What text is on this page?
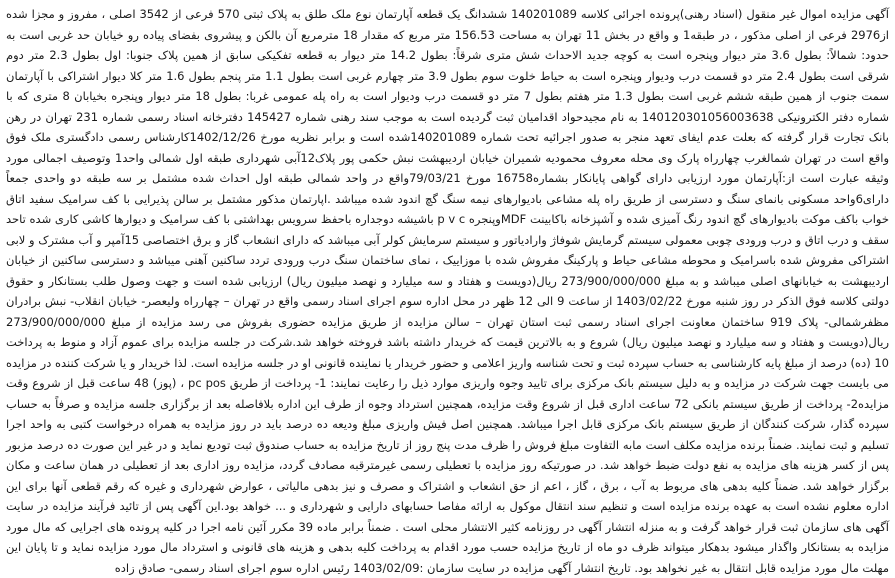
آگهی مزایده اموال غیر منقول (اسناد رهنی)پرونده اجرائی کلاسه 140201089 ششدانگ یک قطعه آپارتمان نوع ملک طلق به پلاک ثبتی 570 فرعی از 3542 اصلی ، مفروز و مجزا شده از2976 فرعی از اصلی مذکور ، در طبقه1 و واقع در بخش 11 تهران به مساحت 156.53 متر مربع که مقدار 18 مترمربع آن بالکن و پیشروی بفضای پیاده رو خیابان حد غربی است به حدود: شمالاً: بطول 3.6 متر دیوار وپنجره است به کوچه جدید الاحداث شش متری شرقاً: بطول 14.2 متر دیوار به قطعه تفکیکی سابق از همین پلاک جنوبا: اول بطول 2.3 متر دوم شرقی است بطول 2.4 متر دو قسمت درب ودیوار وپنجره است به حیاط خلوت سوم بطول 3.9 متر چهارم غربی است بطول 1.1 متر پنجم بطول 1.6 متر کلا دیوار اشتراکی با آپارتمان سمت جنوب از همین طبقه ششم غربی است بطول 1.3 متر هفتم بطول 7 متر دو قسمت درب ودیوار است به راه پله عمومی غربا: بطول 18 متر دیوار وپنجره بخیابان 8 متری که با شماره دفتر الکترونیکی 140120301056003638 به نام مجیدحواد اقدامیان ثبت گردیده است به موجب سند رهنی شماره 145427 دفترخانه اسناد رسمی شماره 231 تهران در رهن بانک تجارت قرار گرفته که بعلت عدم ایفای تعهد منجر به صدور اجرائیه تحت شماره 140201089شده است و برابر نظریه مورخ 1402/12/26کارشناس رسمی دادگستری ملک فوق واقع است در تهران شمالغرب چهارراه پارک وی محله معروف محمودیه شمیران خیابان اردیبهشت نبش حکمی پور پلاک12آبی شهرداری طبقه اول شمالی واحد1 وتوصیف اجمالی مورد وثیقه عبارت است از:آپارتمان مورد ارزیابی دارای گواهی پایانکار بشماره16758 مورخ 79/03/21واقع در واحد شمالی طبقه اول احداث شده مشتمل بر سه طبقه دو واحدی جمعاً دارای6واحد مسکونی بانمای سنگ و دسترسی از طریق راه پله مشاعی بادیوارهای نیمه سنگ گچ اندود شده میباشد .اپارتمان مذکور مشتمل بر سالن پذیرایی با کف سرامیک سفید اتاق خواب باکف موکت بادیوارهای گچ اندود رنگ آمیزی شده و آشپزخانه باکابینت MDFوپنجره p v c باشیشه دوجداره باحفظ سرویس بهداشتی با کف سرامیک و دیوارها کاشی کاری شده تاحد سقف و درب اتاق و درب ورودی چوبی معمولی سیستم گرمایش شوفاژ وارادیاتور و سیستم سرمایش کولر آبی میباشد که دارای انشعاب گاز و برق اختصاصی 15آمپر و آب مشترک و لابی اشتراکی مفروش شده باسرامیک و محوطه مشاعی حیاط و پارکینگ مفروش شده با موزاییک ، نمای ساختمان سنگ درب ورودی تردد ساکنین آهنی میباشد و دسترسی ساکنین از خیابان اردیبهشت به خیابانهای اصلی میباشد و به مبلغ 273/900/000/000 ریال(دویست و هفتاد و سه میلیارد و نهصد میلیون ریال) ارزیابی شده است و جهت وصول طلب بستانکار و حقوق دولتی کلاسه فوق الذکر در روز شنبه مورخ 1403/02/22 از ساعت 9 الی 12 ظهر در محل اداره سوم اجرای اسناد رسمی واقع در تهران – چهارراه ولیعصر- خیابان انقلاب- نبش برادران مظفرشمالی- پلاک 919 ساختمان معاونت اجرای اسناد رسمی ثبت استان تهران – سالن مزایده از طریق مزایده حضوری بفروش می رسد مزایده از مبلغ 273/900/000/000 ریال(دویست و هفتاد و سه میلیارد و نهصد میلیون ریال) شروع و به بالاترین قیمت که خریدار داشته باشد فروخته خواهد شد.شرکت در جلسه مزایده برای عموم آزاد و منوط به پرداخت 10 (ده) درصد از مبلغ پایه کارشناسی به حساب سپرده ثبت و تحت شناسه واریز اعلامی و حضور خریدار یا نماینده قانونی او در جلسه مزایده است. لذا خریدار و یا شرکت کننده در مزایده می بایست جهت شرکت در مزایده و به دلیل سیستم بانک مرکزی برای تایید وجوه واریزی موارد ذیل را رعایت نمایند: 1- پرداخت از طریق pc pos ، (پوز) 48 ساعت قبل از شروع وقت مزایده2- پرداخت از طریق سیستم بانکی 72 ساعت اداری قبل از شروع وقت مزایده، همچنین استرداد وجوه از طرف این اداره بلافاصله بعد از برگزاری جلسه مزایده و صرفاً به حساب سپرده گذار، شرکت کنندگان از طریق سیستم بانک مرکزی قابل اجرا میباشد. همچنین اصل فیش واریزی مبلغ ودیعه ده درصد باید در روز مزایده به همراه درخواست کتبی به واحد اجرا تسلیم و ثبت نمایند. ضمناً برنده مزایده مکلف است مابه التفاوت مبلغ فروش را ظرف مدت پنج روز از تاریخ مزایده به حساب صندوق ثبت تودیع نماید و در غیر این صورت ده درصد مزبور پس از کسر هزینه های مزایده به نفع دولت ضبط خواهد شد. در صورتیکه روز مزایده با تعطیلی رسمی غیرمترقبه مصادف گردد، مزایده روز اداری بعد از تعطیلی در همان ساعت و مکان برگزار خواهد شد. ضمناً کلیه بدهی های مربوط به آب ، برق ، گاز ، اعم از حق انشعاب و اشتراک و مصرف و نیز بدهی مالیاتی ، عوارض شهرداری و غیره که رقم قطعی آنها برای این اداره معلوم نشده است به عهده برنده مزایده است و تنظیم سند انتقال موکول به ارائه مفاصا حسابهای دارایی و شهرداری و ... خواهد بود.این آگهی پس از تائید فرآیند مزایده در سایت آگهی های سازمان ثبت قرار خواهد گرفت و به منزله انتشار آگهی در روزنامه کثیر الانتشار محلی است . ضمناً برابر ماده 39 مکرر آئین نامه اجرا در کلیه پرونده های اجرایی که مال مورد مزایده به بستانکار واگذار میشود بدهکار میتواند ظرف دو ماه از تاریخ مزایده حسب مورد اقدام به پرداخت کلیه بدهی و هزینه های قانونی و استرداد مال مورد مزایده نماید و تا پایان این مهلت مال مورد مزایده قابل انتقال به غیر نخواهد بود. تاریخ انتشار آگهی مزایده در سایت سازمان :1403/02/09 رئیس اداره سوم اجرای اسناد رسمی- صادق زاده
